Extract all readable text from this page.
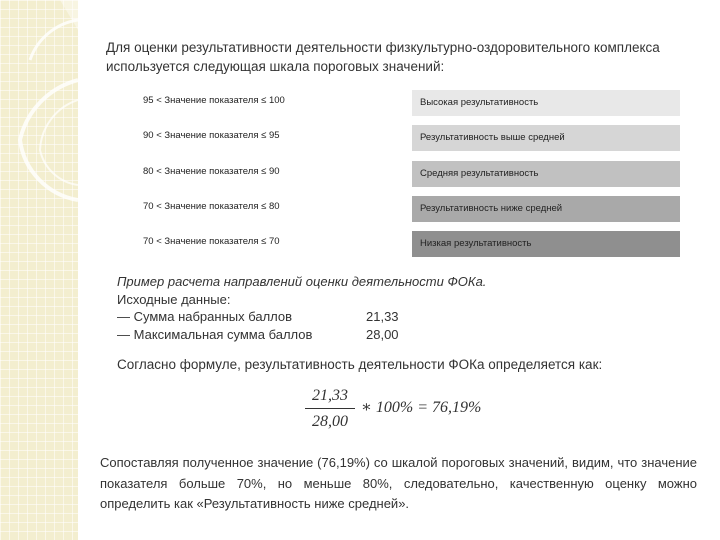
Для оценки результативности деятельности физкультурно-оздоровительного комплекса используется следующая шкала пороговых значений:
95 < Значение показателя ≤ 100	Высокая результативность
90 < Значение показателя ≤ 95	Результативность выше средней
80 < Значение показателя ≤ 90	Средняя результативность
70 < Значение показателя ≤ 80	Результативность ниже средней
70 < Значение показателя ≤ 70	Низкая результативность
Пример расчета направлений оценки деятельности ФОКа.
Исходные данные:
— Сумма набранных баллов	21,33
— Максимальная сумма баллов	28,00
Согласно формуле, результативность деятельности ФОКа определяется как:
21,33
28,00
∗ 100% = 76,19%
Сопоставляя полученное значение (76,19%) со шкалой пороговых значений, видим, что значение показателя больше 70%, но меньше 80%, следовательно, качественную оценку можно определить как «Результативность ниже средней».
